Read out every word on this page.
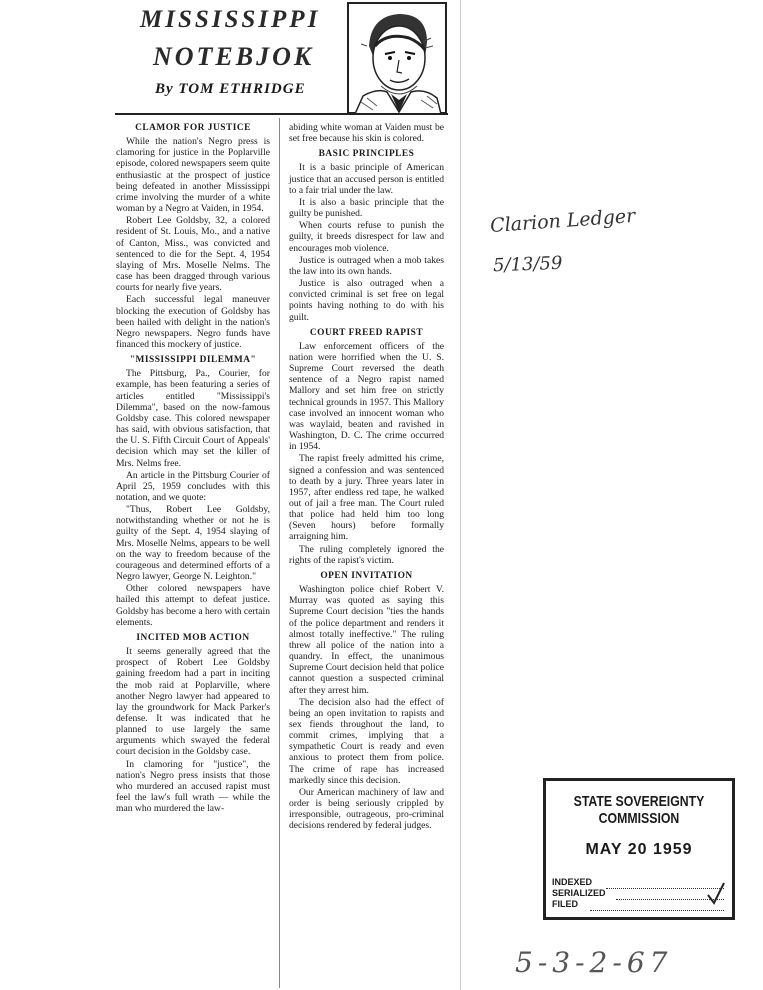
MISSISSIPPI
NOTEBJOK
By TOM ETHRIDGE
CLAMOR FOR JUSTICE

While the nation's Negro press is clamoring for justice in the Poplarville episode, colored newspapers seem quite enthusiastic at the prospect of justice being defeated in another Mississippi crime involving the murder of a white woman by a Negro at Vaiden, in 1954.

Robert Lee Goldsby, 32, a colored resident of St. Louis, Mo., and a native of Canton, Miss., was convicted and sentenced to die for the Sept. 4, 1954 slaying of Mrs. Moselle Nelms. The case has been dragged through various courts for nearly five years.

Each successful legal maneuver blocking the execution of Goldsby has been hailed with delight in the nation's Negro newspapers. Negro funds have financed this mockery of justice.

"MISSISSIPPI DILEMMA"

The Pittsburg, Pa., Courier, for example, has been featuring a series of articles entitled "Mississippi's Dilemma", based on the now-famous Goldsby case. This colored newspaper has said, with obvious satisfaction, that the U. S. Fifth Circuit Court of Appeals' decision which may set the killer of Mrs. Nelms free.

An article in the Pittsburg Courier of April 25, 1959 concludes with this notation, and we quote:

"Thus, Robert Lee Goldsby, notwithstanding whether or not he is guilty of the Sept. 4, 1954 slaying of Mrs. Moselle Nelms, appears to be well on the way to freedom because of the courageous and determined efforts of a Negro lawyer, George N. Leighton."

Other colored newspapers have hailed this attempt to defeat justice. Goldsby has become a hero with certain elements.

INCITED MOB ACTION

It seems generally agreed that the prospect of Robert Lee Goldsby gaining freedom had a part in inciting the mob raid at Poplarville, where another Negro lawyer had appeared to lay the groundwork for Mack Parker's defense. It was indicated that he planned to use largely the same arguments which swayed the federal court decision in the Goldsby case.

In clamoring for "justice", the nation's Negro press insists that those who murdered an accused rapist must feel the law's full wrath — while the man who murdered the law-

abiding white woman at Vaiden must be set free because his skin is colored.

BASIC PRINCIPLES

It is a basic principle of American justice that an accused person is entitled to a fair trial under the law.

It is also a basic principle that the guilty be punished.

When courts refuse to punish the guilty, it breeds disrespect for law and encourages mob violence.

Justice is outraged when a mob takes the law into its own hands.

Justice is also outraged when a convicted criminal is set free on legal points having nothing to do with his guilt.

COURT FREED RAPIST

Law enforcement officers of the nation were horrified when the U. S. Supreme Court reversed the death sentence of a Negro rapist named Mallory and set him free on strictly technical grounds in 1957. This Mallory case involved an innocent woman who was waylaid, beaten and ravished in Washington, D. C. The crime occurred in 1954.

The rapist freely admitted his crime, signed a confession and was sentenced to death by a jury. Three years later in 1957, after endless red tape, he walked out of jail a free man. The Court ruled that police had held him too long (Seven hours) before formally arraigning him.

The ruling completely ignored the rights of the rapist's victim.

OPEN INVITATION

Washington police chief Robert V. Murray was quoted as saying this Supreme Court decision "ties the hands of the police department and renders it almost totally ineffective." The ruling threw all police of the nation into a quandry. In effect, the unanimous Supreme Court decision held that police cannot question a suspected criminal after they arrest him.

The decision also had the effect of being an open invitation to rapists and sex fiends throughout the land, to commit crimes, implying that a sympathetic Court is ready and even anxious to protect them from police. The crime of rape has increased markedly since this decision.

Our American machinery of law and order is being seriously crippled by irresponsible, outrageous, pro-criminal decisions rendered by federal judges.

Clarion Ledger
5/13/59
5-3-2-67
STATE SOVEREIGNTY COMMISSION
MAY 20 1959
INDEXED
SERIALIZED
FILED
